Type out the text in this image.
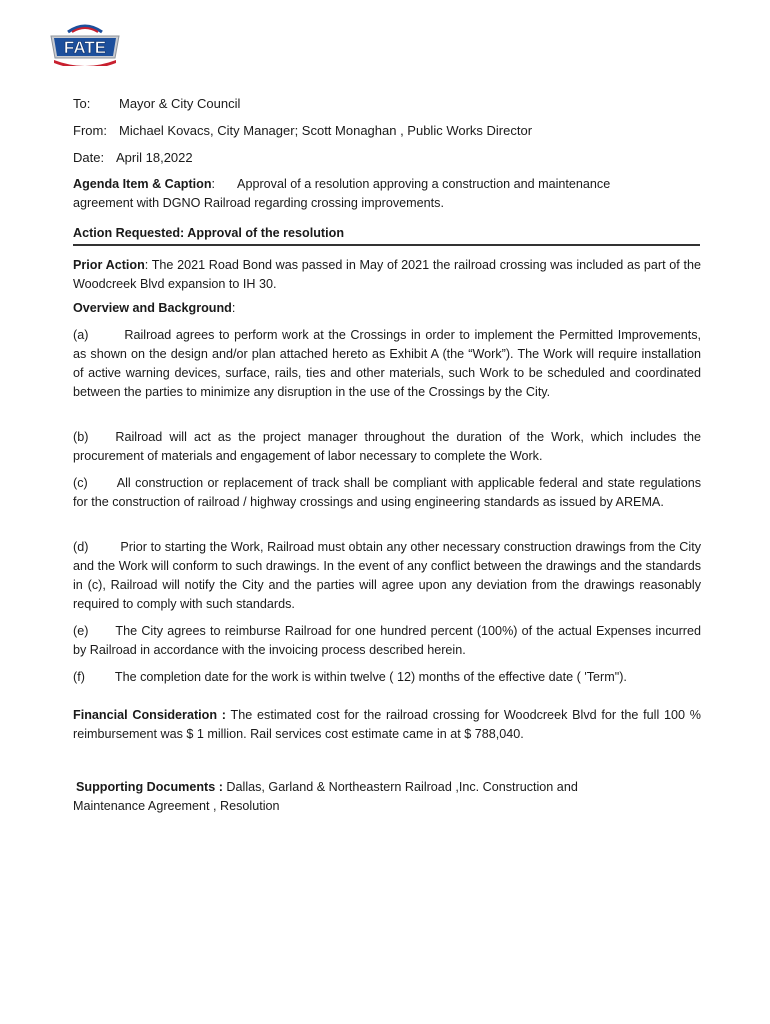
FATE
To: Mayor & City Council
From: Michael Kovacs, City Manager; Scott Monaghan , Public Works Director
Date: April 18,2022
Agenda Item & Caption: Approval of a resolution approving a construction and maintenance
agreement with DGNO Railroad regarding crossing improvements.
Action Requested: Approval of the resolution
Prior Action: The 2021 Road Bond was passed in May of 2021 the railroad crossing was included as part of the Woodcreek Blvd expansion to IH 30.
Overview and Background:
(a)	Railroad agrees to perform work at the Crossings in order to implement the Permitted Improvements, as shown on the design and/or plan attached hereto as Exhibit A (the “Work”). The Work will require installation of active warning devices, surface, rails, ties and other materials, such Work to be scheduled and coordinated between the parties to minimize any disruption in the use of the Crossings by the City.
(b) Railroad will act as the project manager throughout the duration of the Work, which includes the procurement of materials and engagement of labor necessary to complete the Work.
(c) All construction or replacement of track shall be compliant with applicable federal and state regulations for the construction of railroad / highway crossings and using engineering standards as issued by AREMA.
(d)	Prior to starting the Work, Railroad must obtain any other necessary construction drawings from the City and the Work will conform to such drawings. In the event of any conflict between the drawings and the standards in (c), Railroad will notify the City and the parties will agree upon any deviation from the drawings reasonably required to comply with such standards.
(e) The City agrees to reimburse Railroad for one hundred percent (100%) of the actual Expenses incurred by Railroad in accordance with the invoicing process described herein.
(f) The completion date for the work is within twelve ( 12) months of the effective date ( 'Term").
Financial Consideration : The estimated cost for the railroad crossing for Woodcreek Blvd for the full 100 % reimbursement was $ 1 million. Rail services cost estimate came in at $ 788,040.
Supporting Documents : Dallas, Garland & Northeastern Railroad ,Inc. Construction and
Maintenance Agreement , Resolution
